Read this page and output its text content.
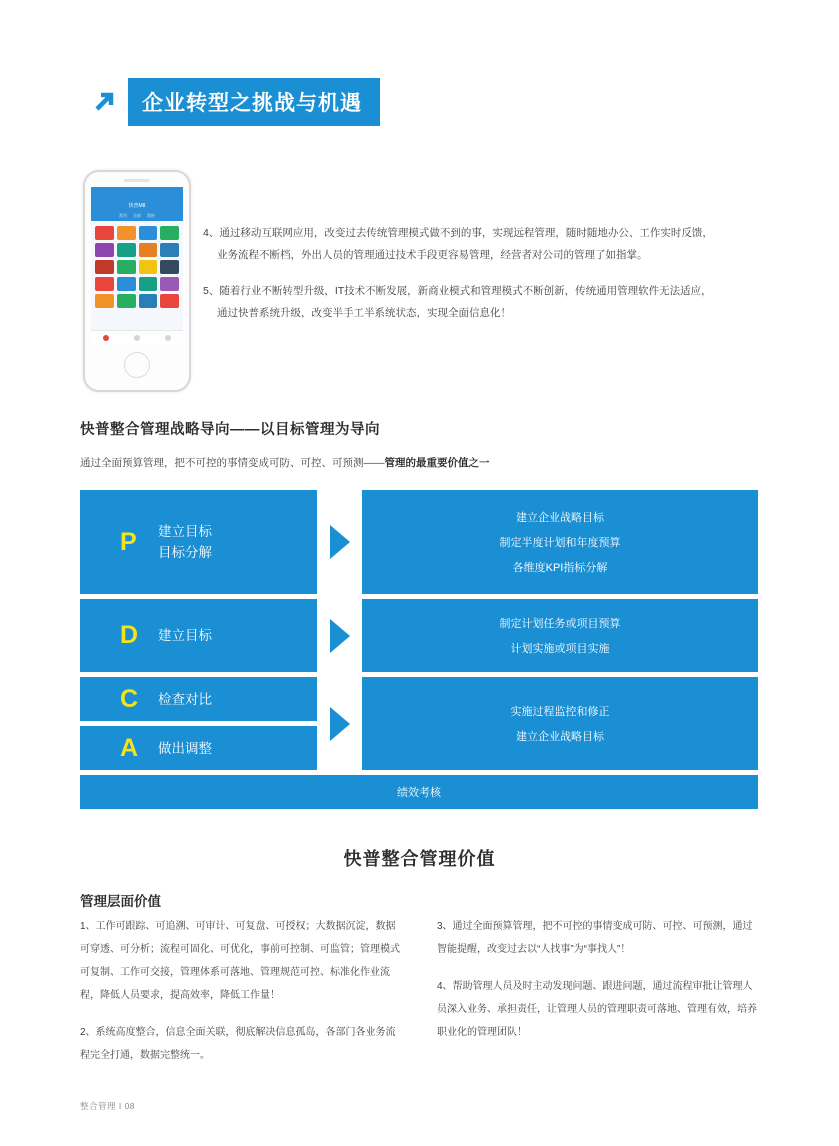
企业转型之挑战与机遇
快普M8
常用 全部 我的

4、通过移动互联网应用，改变过去传统管理模式做不到的事，实现远程管理，随时随地办公、工作实时反馈，
业务流程不断档，外出人员的管理通过技术手段更容易管理，经营者对公司的管理了如指掌。

5、随着行业不断转型升级，IT技术不断发展，新商业模式和管理模式不断创新，传统通用管理软件无法适应，
通过快普系统升级，改变半手工半系统状态，实现全面信息化！

快普整合管理战略导向——以目标管理为导向
通过全面预算管理，把不可控的事情变成可防、可控、可预测——管理的最重要价值之一
P	建立目标
目标分解
建立企业战略目标
制定半度计划和年度预算
各维度KPI指标分解
D	建立目标
制定计划任务或项目预算
计划实施或项目实施
C	检查对比
A	做出调整
实施过程监控和修正
建立企业战略目标
绩效考核
快普整合管理价值
管理层面价值

1、工作可跟踪、可追溯、可审计、可复盘、可授权；大数据沉淀，数据可穿透、可分析；流程可固化、可优化，事前可控制、可监管；管理模式可复制、工作可交接，管理体系可落地、管理规范可控、标准化作业流程，降低人员要求，提高效率，降低工作量！

2、系统高度整合，信息全面关联，彻底解决信息孤岛，各部门各业务流程完全打通，数据完整统一。

3、通过全面预算管理，把不可控的事情变成可防、可控、可预测，通过智能提醒，改变过去以“人找事”为“事找人”！

4、帮助管理人员及时主动发现问题、跟进问题，通过流程审批让管理人员深入业务、承担责任，让管理人员的管理职责可落地、管理有效，培养职业化的管理团队！

整合管理 I 08
